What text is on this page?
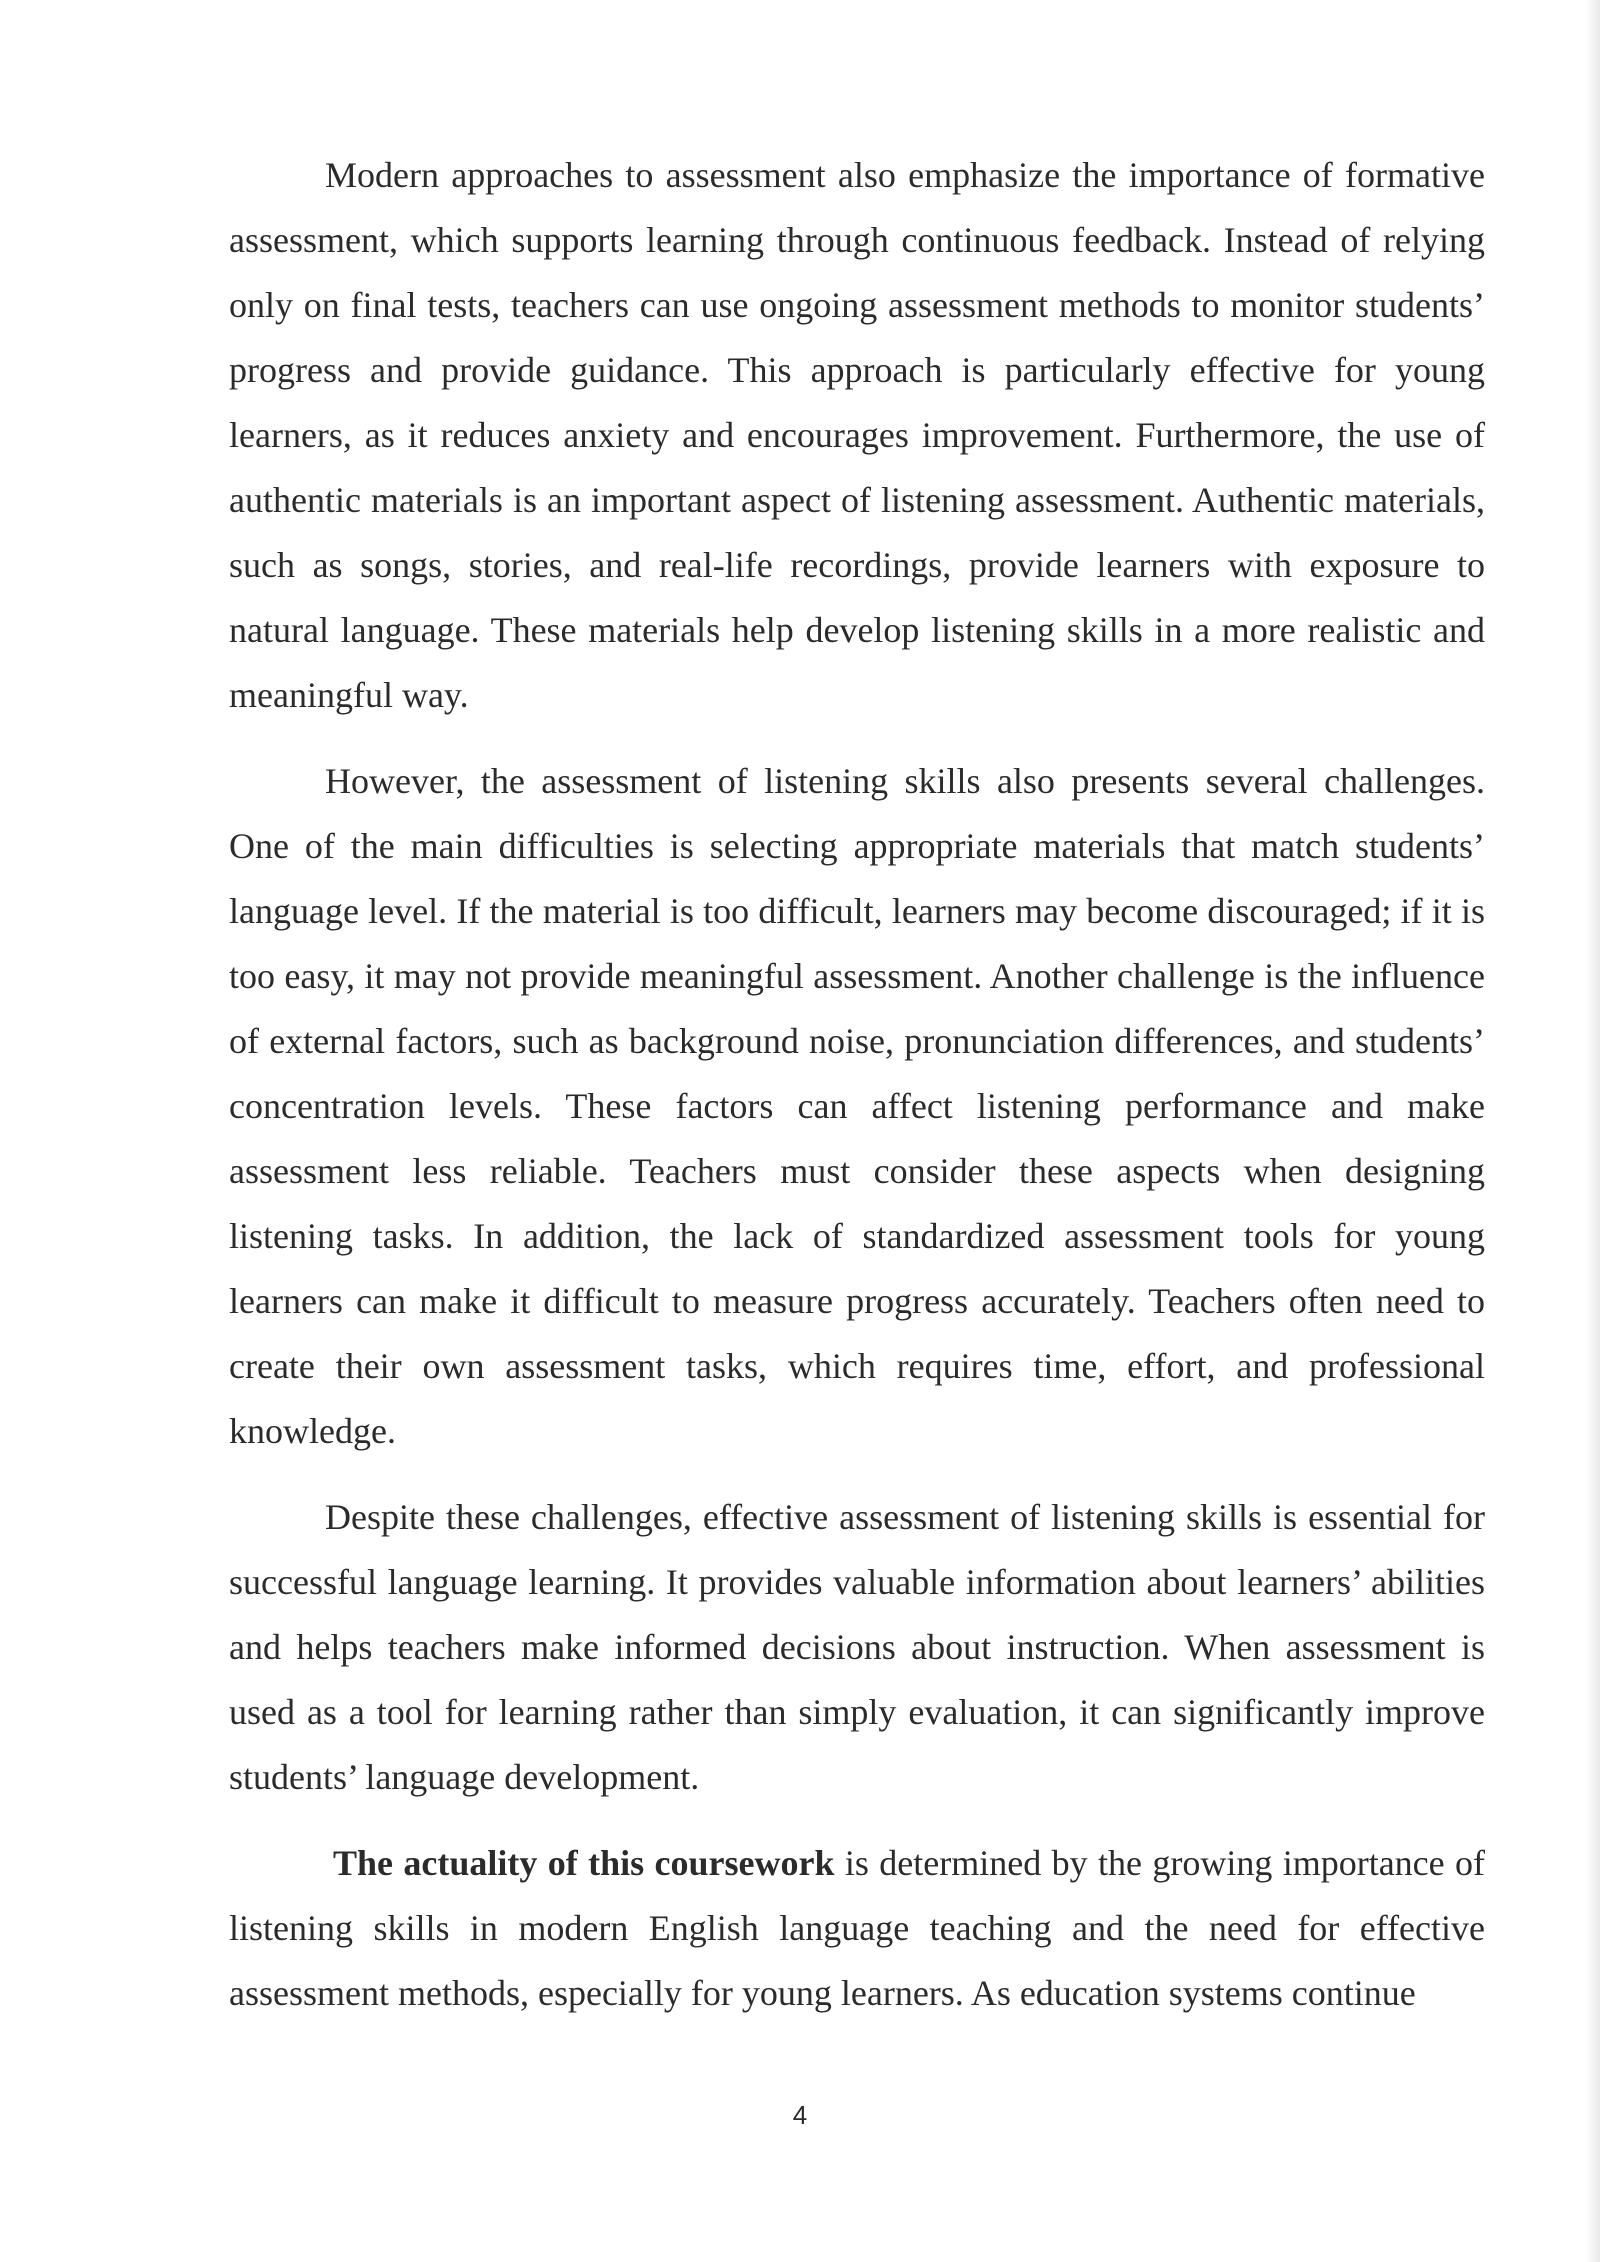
Modern approaches to assessment also emphasize the importance of formative assessment, which supports learning through continuous feedback. Instead of relying only on final tests, teachers can use ongoing assessment methods to monitor students’ progress and provide guidance. This approach is particularly effective for young learners, as it reduces anxiety and encourages improvement. Furthermore, the use of authentic materials is an important aspect of listening assessment. Authentic materials, such as songs, stories, and real-life recordings, provide learners with exposure to natural language. These materials help develop listening skills in a more realistic and meaningful way.

However, the assessment of listening skills also presents several challenges. One of the main difficulties is selecting appropriate materials that match students’ language level. If the material is too difficult, learners may become discouraged; if it is too easy, it may not provide meaningful assessment. Another challenge is the influence of external factors, such as background noise, pronunciation differences, and students’ concentration levels. These factors can affect listening performance and make assessment less reliable. Teachers must consider these aspects when designing listening tasks. In addition, the lack of standardized assessment tools for young learners can make it difficult to measure progress accurately. Teachers often need to create their own assessment tasks, which requires time, effort, and professional knowledge.

Despite these challenges, effective assessment of listening skills is essential for successful language learning. It provides valuable information about learners’ abilities and helps teachers make informed decisions about instruction. When assessment is used as a tool for learning rather than simply evaluation, it can significantly improve students’ language development.

The actuality of this coursework is determined by the growing importance of listening skills in modern English language teaching and the need for effective assessment methods, especially for young learners. As education systems continue

4
